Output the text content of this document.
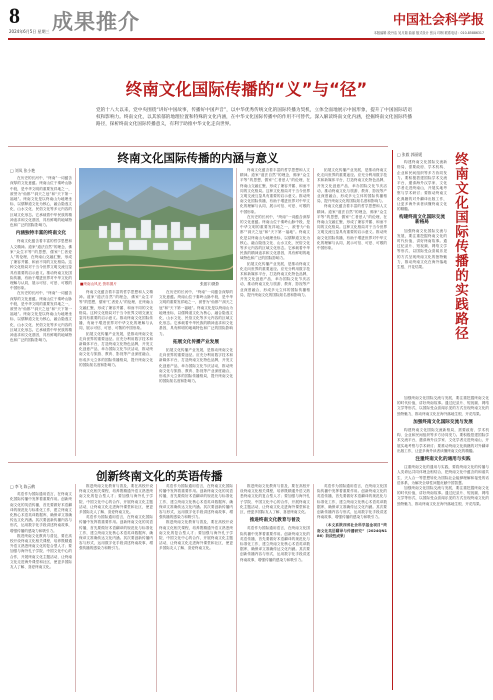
8
2024年6月5日 星期三 成果推介	中国社会科学报
本版编辑 段丹洁 吴月瑞 曲丽 版式设计 张兵 印制 联系电话：010-85886317
终南文化国际传播的“义”与“径”
党的十八大以来，党中央围绕“讲好中国故事，传播好中国声音”，以中华优秀传统文化的国际传播为契机，立体全面地展示中国形象，提升了中国国际话语权和影响力。终南文化，以其浓郁的地理位置和特殊的文化内涵，在中华文化国际传播中的作用不可替代。深入解读终南文化内涵，挖掘终南文化国际传播路径，探析终南文化国际传播意义，有利于助推中华文化走向世界。
终南文化国际传播的内涵与意义

□ 刘凤 张小艳

在历史的长河中，“终南”一词蕴含深厚的文化意蕴。终南山位于秦岭山脉中段，是中华文明的重要发祥地之一，被誉为“仙都”“洞天之冠”和“天下第一福地”。终南文化是以终南山为地理坐标，以儒释道文化为核心，融合隐逸文化、山水文化、民俗文化等多元内容的区域文化形态。它承载着中华民族的精神追求和文化基因，具有鲜明的地域特色和广泛的国际影响力。

内涵独特丰富的终南文化

终南文化蕴含着丰富的哲学思想和人文精神。道家“道法自然”的理念，佛家“众生平等”的思想，儒家“仁者爱人”的伦理，在终南山交融汇聚，形成了兼容并蓄、和而不同的文化格局。这种文化格局对于当今世界文明交流互鉴具有重要的启示意义。推动终南文化国际传播，有助于增进世界对中华文化的理解与认同，展示可信、可爱、可敬的中国形象。

在历史的长河中，“终南”一词蕴含深厚的文化意蕴。终南山位于秦岭山脉中段，是中华文明的重要发祥地之一，被誉为“仙都”“洞天之冠”和“天下第一福地”。终南文化是以终南山为地理坐标，以儒释道文化为核心，融合隐逸文化、山水文化、民俗文化等多元内容的区域文化形态。它承载着中华民族的精神追求和文化基因，具有鲜明的地域特色和广泛的国际影响力。

■终南山风光 资料图片	张振宇/摄影

终南文化蕴含着丰富的哲学思想和人文精神。道家“道法自然”的理念，佛家“众生平等”的思想，儒家“仁者爱人”的伦理，在终南山交融汇聚，形成了兼容并蓄、和而不同的文化格局。这种文化格局对于当今世界文明交流互鉴具有重要的启示意义。推动终南文化国际传播，有助于增进世界对中华文化的理解与认同，展示可信、可爱、可敬的中国形象。

拓展文化传播产业发展，是推动终南文化走向世界的重要途径。应充分利用数字技术和新媒体平台，打造终南文化特色品牌，开发文化创意产品，举办国际文化节庆活动，推动终南文化与旅游、教育、影视等产业深度融合，形成多元立体的国际传播格局，提升终南文化的国际知名度和影响力。

在历史的长河中，“终南”一词蕴含深厚的文化意蕴。终南山位于秦岭山脉中段，是中华文明的重要发祥地之一，被誉为“仙都”“洞天之冠”和“天下第一福地”。终南文化是以终南山为地理坐标，以儒释道文化为核心，融合隐逸文化、山水文化、民俗文化等多元内容的区域文化形态。它承载着中华民族的精神追求和文化基因，具有鲜明的地域特色和广泛的国际影响力。

拓展文化传播产业发展

拓展文化传播产业发展，是推动终南文化走向世界的重要途径。应充分利用数字技术和新媒体平台，打造终南文化特色品牌，开发文化创意产品，举办国际文化节庆活动，推动终南文化与旅游、教育、影视等产业深度融合，形成多元立体的国际传播格局，提升终南文化的国际知名度和影响力。

终南文化蕴含着丰富的哲学思想和人文精神。道家“道法自然”的理念，佛家“众生平等”的思想，儒家“仁者爱人”的伦理，在终南山交融汇聚，形成了兼容并蓄、和而不同的文化格局。这种文化格局对于当今世界文明交流互鉴具有重要的启示意义。推动终南文化国际传播，有助于增进世界对中华文化的理解与认同，展示可信、可爱、可敬的中国形象。

在历史的长河中，“终南”一词蕴含深厚的文化意蕴。终南山位于秦岭山脉中段，是中华文明的重要发祥地之一，被誉为“仙都”“洞天之冠”和“天下第一福地”。终南文化是以终南山为地理坐标，以儒释道文化为核心，融合隐逸文化、山水文化、民俗文化等多元内容的区域文化形态。它承载着中华民族的精神追求和文化基因，具有鲜明的地域特色和广泛的国际影响力。

拓展文化传播产业发展，是推动终南文化走向世界的重要途径。应充分利用数字技术和新媒体平台，打造终南文化特色品牌，开发文化创意产品，举办国际文化节庆活动，推动终南文化与旅游、教育、影视等产业深度融合，形成多元立体的国际传播格局，提升终南文化的国际知名度和影响力。

拓展文化传播产业发展，是推动终南文化走向世界的重要途径。应充分利用数字技术和新媒体平台，打造终南文化特色品牌，开发文化创意产品，举办国际文化节庆活动，推动终南文化与旅游、教育、影视等产业深度融合，形成多元立体的国际传播格局，提升终南文化的国际知名度和影响力。

终南文化蕴含着丰富的哲学思想和人文精神。道家“道法自然”的理念，佛家“众生平等”的思想，儒家“仁者爱人”的伦理，在终南山交融汇聚，形成了兼容并蓄、和而不同的文化格局。这种文化格局对于当今世界文明交流互鉴具有重要的启示意义。推动终南文化国际传播，有助于增进世界对中华文化的理解与认同，展示可信、可爱、可敬的中国形象。	终南文化国际传播的实践路径

□ 张毅 郭丽媛

构建终南文化国际交流新格局，需要政府、学术机构、企业和民间组织等多方协同发力。要积极搭建国际学术交流平台，邀请海外汉学家、文化学者走进终南山，开展实地考察与学术研讨；要推动终南文化典籍的对外翻译出版工作，让更多海外读者读懂终南文化的精髓。

构建终南文化国际交流新格局

加强终南文化国际交流与发展，要注重挖掘终南文化的时代价值，讲好终南故事。通过纪录片、短视频、网络文学等形式，以国际受众喜闻乐见的方式呈现终南文化的独特魅力，推动终南文化在海外落地生根、开花结果。

加强终南文化国际交流与发展，要注重挖掘终南文化的时代价值，讲好终南故事。通过纪录片、短视频、网络文学等形式，以国际受众喜闻乐见的方式呈现终南文化的独特魅力，推动终南文化在海外落地生根、开花结果。

加强终南文化国际交流与发展

构建终南文化国际交流新格局，需要政府、学术机构、企业和民间组织等多方协同发力。要积极搭建国际学术交流平台，邀请海外汉学家、文化学者走进终南山，开展实地考察与学术研讨；要推动终南文化典籍的对外翻译出版工作，让更多海外读者读懂终南文化的精髓。

注重终南文化的通用与实践

注重终南文化的通用与实践，要将终南文化的传播与人类命运共同体理念相结合，把终南文化中蕴含的和谐共生、天人合一等思想转化为国际社会能够理解和接受的话语体系，为解决全球性问题贡献中国智慧。

加强终南文化国际交流与发展，要注重挖掘终南文化的时代价值，讲好终南故事。通过纪录片、短视频、网络文学等形式，以国际受众喜闻乐见的方式呈现终南文化的独特魅力，推动终南文化在海外落地生根、开花结果。

创新终南文化的英语传播

□ 李飞 陈云鹤

英语作为国际通用语言，在终南文化国际传播中发挥着重要作用。创新终南文化的英语传播，首先要做好术语翻译的规范化与标准化工作，建立终南文化核心术语英译数据库，确保译文准确传达文化内涵。其次要创新传播内容与形式，运用数字化手段讲述终南故事，增强传播的感染力和吸引力。

推进终南文化教育与普及，要在高校开设终南文化相关课程，培养既精通外语又熟悉终南文化的复合型人才；要加强与海外孔子学院、中国文化中心的合作，开展终南文化主题活动，让终南文化走进海外课堂和社区，使更多国际友人了解、喜爱终南文化。

推进终南文化教育与普及，要在高校开设终南文化相关课程，培养既精通外语又熟悉终南文化的复合型人才；要加强与海外孔子学院、中国文化中心的合作，开展终南文化主题活动，让终南文化走进海外课堂和社区，使更多国际友人了解、喜爱终南文化。

英语作为国际通用语言，在终南文化国际传播中发挥着重要作用。创新终南文化的英语传播，首先要做好术语翻译的规范化与标准化工作，建立终南文化核心术语英译数据库，确保译文准确传达文化内涵。其次要创新传播内容与形式，运用数字化手段讲述终南故事，增强传播的感染力和吸引力。

英语作为国际通用语言，在终南文化国际传播中发挥着重要作用。创新终南文化的英语传播，首先要做好术语翻译的规范化与标准化工作，建立终南文化核心术语英译数据库，确保译文准确传达文化内涵。其次要创新传播内容与形式，运用数字化手段讲述终南故事，增强传播的感染力和吸引力。

推进终南文化教育与普及，要在高校开设终南文化相关课程，培养既精通外语又熟悉终南文化的复合型人才；要加强与海外孔子学院、中国文化中心的合作，开展终南文化主题活动，让终南文化走进海外课堂和社区，使更多国际友人了解、喜爱终南文化。

推进终南文化教育与普及，要在高校开设终南文化相关课程，培养既精通外语又熟悉终南文化的复合型人才；要加强与海外孔子学院、中国文化中心的合作，开展终南文化主题活动，让终南文化走进海外课堂和社区，使更多国际友人了解、喜爱终南文化。

推进终南文化教育与普及

英语作为国际通用语言，在终南文化国际传播中发挥着重要作用。创新终南文化的英语传播，首先要做好术语翻译的规范化与标准化工作，建立终南文化核心术语英译数据库，确保译文准确传达文化内涵。其次要创新传播内容与形式，运用数字化手段讲述终南故事，增强传播的感染力和吸引力。

英语作为国际通用语言，在终南文化国际传播中发挥着重要作用。创新终南文化的英语传播，首先要做好术语翻译的规范化与标准化工作，建立终南文化核心术语英译数据库，确保译文准确传达文化内涵。其次要创新传播内容与形式，运用数字化手段讲述终南故事，增强传播的感染力和吸引力。

（本文系陕西省社会科学基金项目“终南文化英语翻译与传播研究”（2024QN186）阶段性成果）
